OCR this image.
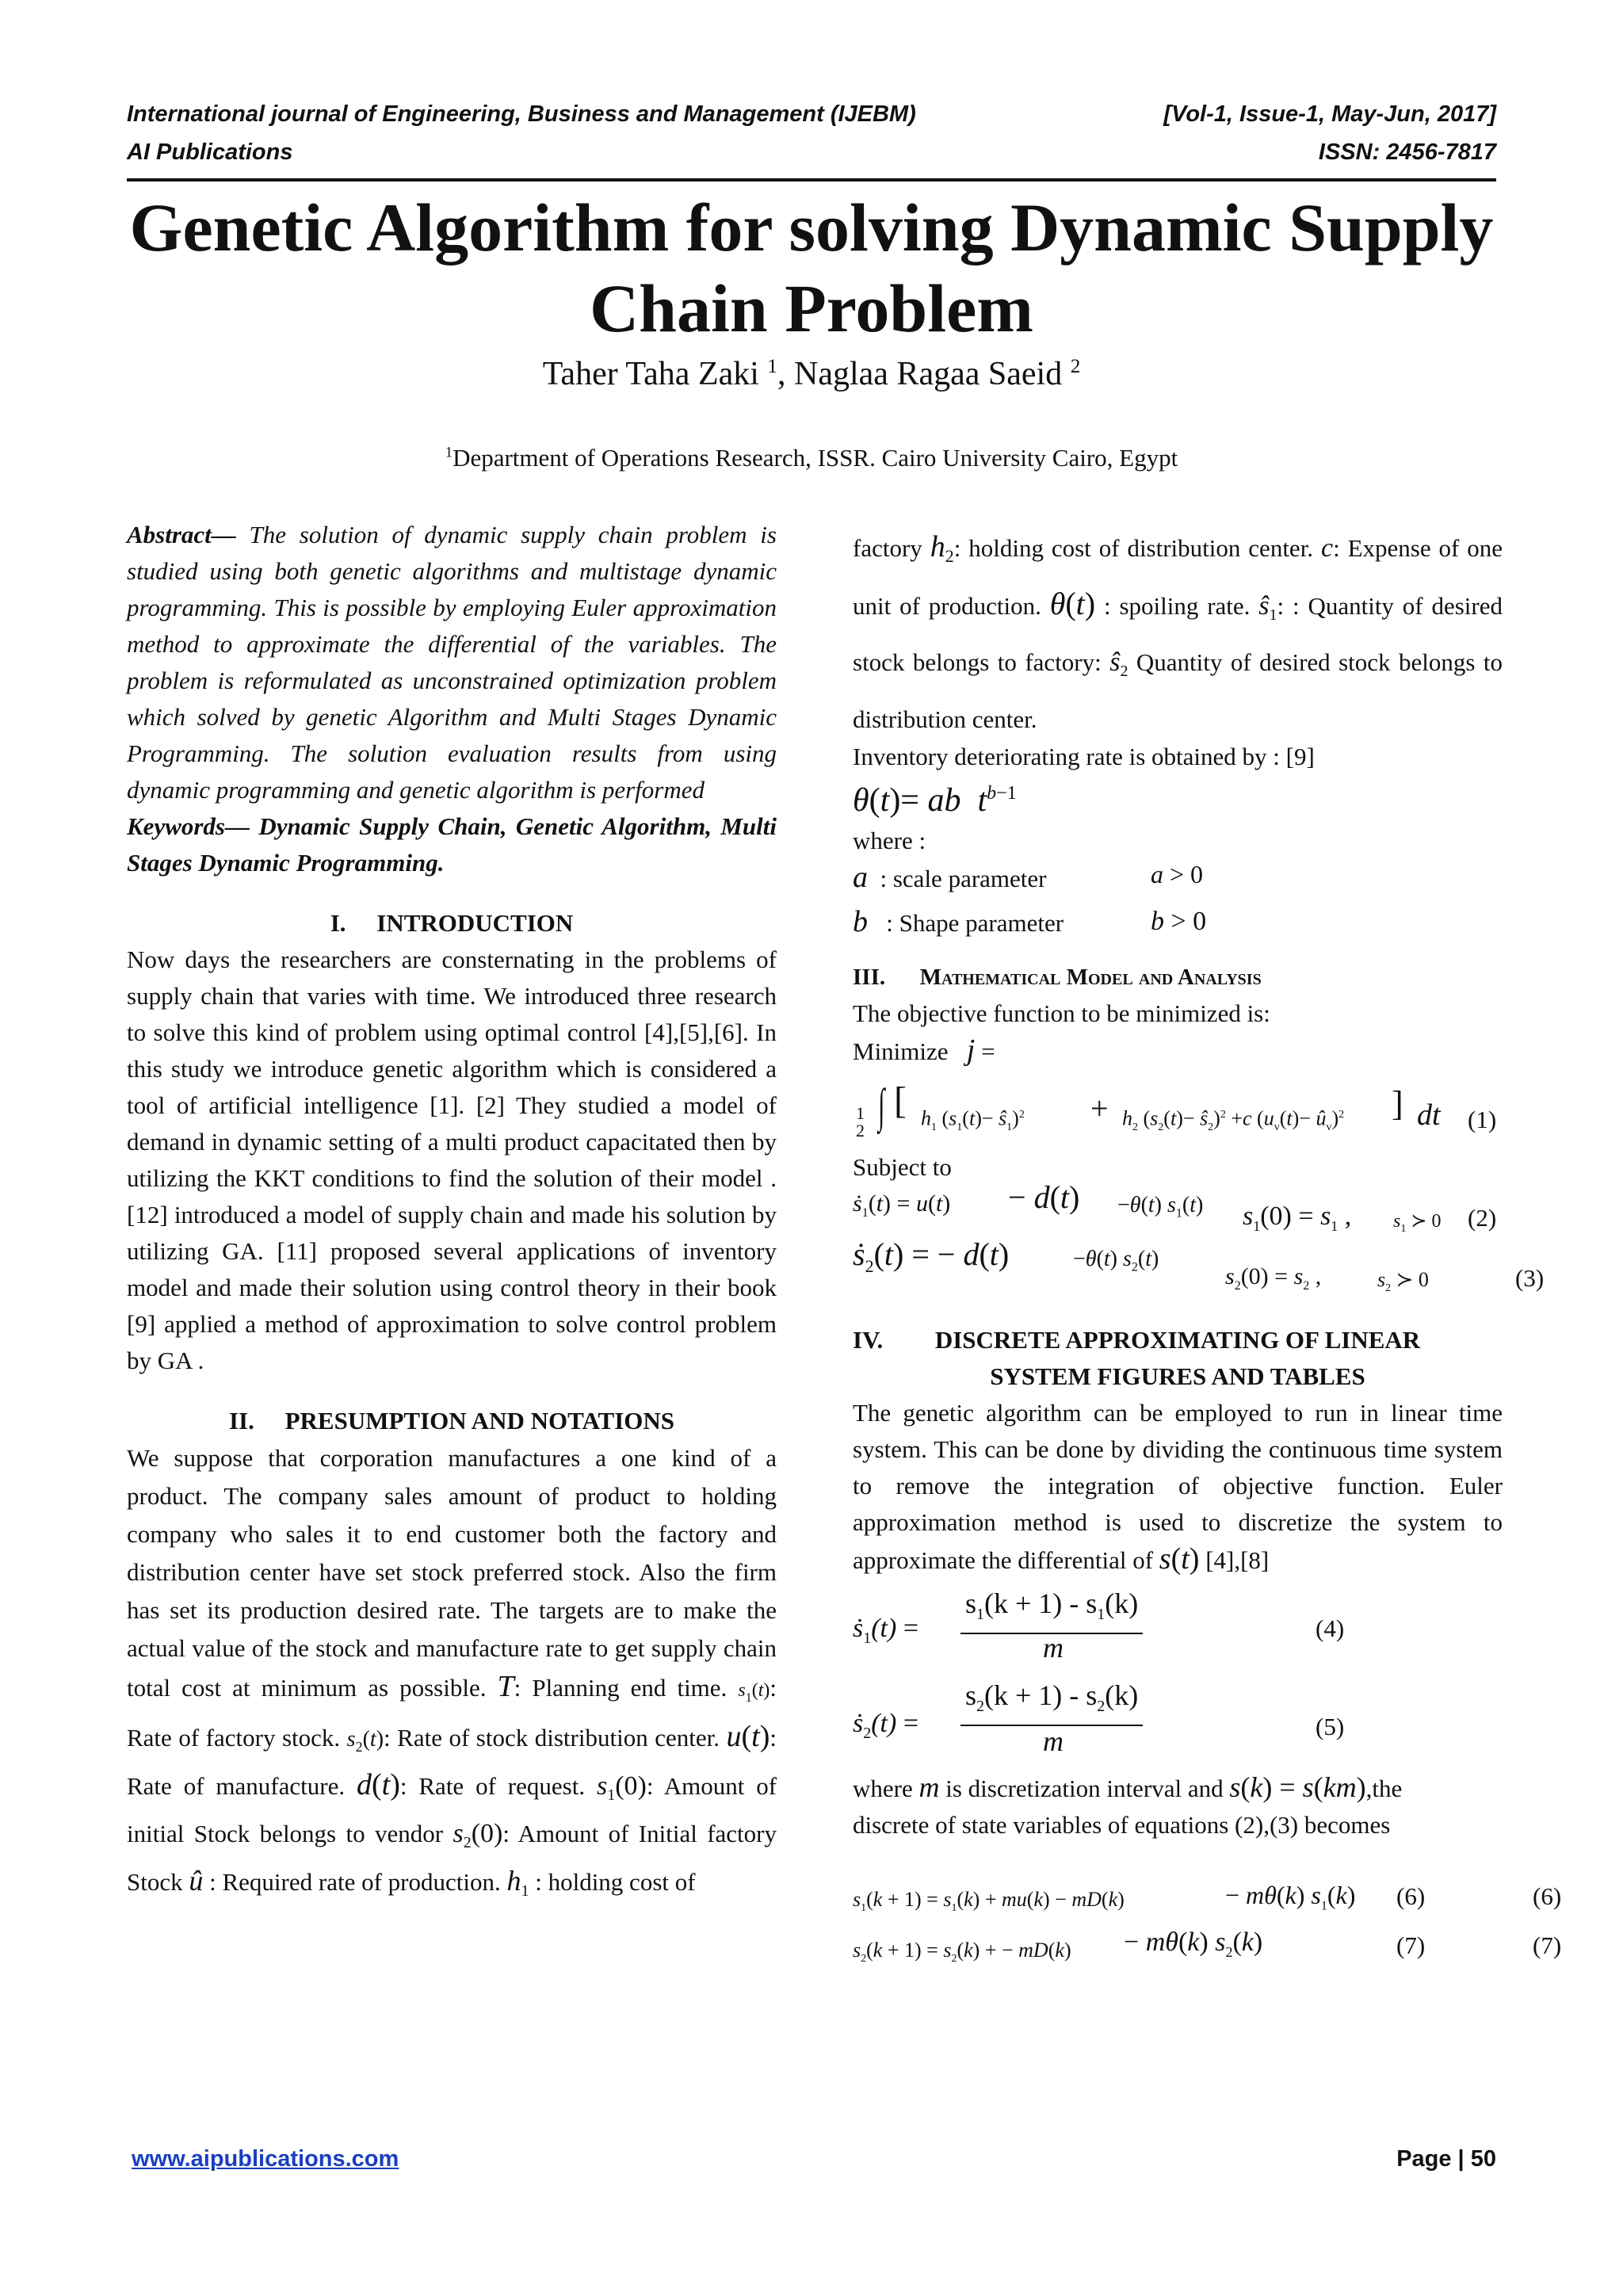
International journal of Engineering, Business and Management (IJEBM)	[Vol-1, Issue-1, May-Jun, 2017]
AI Publications	ISSN: 2456-7817
Genetic Algorithm for solving Dynamic Supply
Chain Problem
Taher Taha Zaki $^1$, Naglaa Ragaa Saeid $^2$
$^1$Department of Operations Research, ISSR. Cairo University Cairo, Egypt

Abstract— The solution of dynamic supply chain problem is studied using both genetic algorithms and multistage dynamic programming. This is possible by employing Euler approximation method to approximate the differential of the variables. The problem is reformulated as unconstrained optimization problem which solved by genetic Algorithm and Multi Stages Dynamic Programming. The solution evaluation results from using dynamic programming and genetic algorithm is performed

Keywords— Dynamic Supply Chain, Genetic Algorithm, Multi Stages Dynamic Programming.

I.     INTRODUCTION

Now days the researchers are consternating in the problems of supply chain that varies with time. We introduced three research to solve this kind of problem using optimal control [4],[5],[6]. In this study we introduce genetic algorithm which is considered a tool of artificial intelligence [1]. [2] They studied a model of demand in dynamic setting of a multi product capacitated then by utilizing the KKT conditions to find the solution of their model .[12] introduced a model of supply chain and made his solution by utilizing GA. [11] proposed several applications of inventory model and made their solution using control theory in their book [9] applied a method of approximation to solve control problem by GA .

II.     PRESUMPTION AND NOTATIONS

We suppose that corporation manufactures a one kind of a product. The company sales amount of product to holding company who sales it to end customer both the factory and distribution center have set stock preferred stock. Also the firm has set its production desired rate. The targets are to make the actual value of the stock and manufacture rate to get supply chain total cost at minimum as possible. T: Planning end time. $s_1(t)$: Rate of factory stock. $s_2(t)$: Rate of stock distribution center. u(t): Rate of manufacture. d(t): Rate of request. $s_1(0)$: Amount of initial Stock belongs to vendor $s_2(0)$: Amount of Initial factory Stock û : Required rate of production. $h_1$ : holding cost of

factory $h_2$: holding cost of distribution center. c: Expense of one unit of production. θ(t) : spoiling rate. $ŝ_1$: : Quantity of desired stock belongs to factory: $ŝ_2$ Quantity of desired stock belongs to distribution center.

Inventory deteriorating rate is obtained by : [9]

θ(t)= ab $t^{b-1}$

where :

a : scale parameter	a > 0
b : Shape parameter	b > 0

III. Mathematical Model and Analysis

The objective function to be minimized is:

Minimize j =

1
2 ∫ [ $h_1$ ($s_1(t)-$ $ŝ_1)^2 + h_2$ ($s_2(t)-$ $ŝ_2)^2 +c$ ($u_v(t)-$ $û_v)^2$ ] dt (1)

Subject to

ṡ$_1$(t) = u(t) − d(t) −θ(t) $s_1(t) s_1(0) = s_1$ , $s_1$ ≻ 0 (2)
ṡ$_2$(t) = − d(t)	−θ(t) $s_2(t)$
$s_2(0) = s_2$ ,	$s_2$ ≻ 0	(3)

IV. DISCRETE APPROXIMATING OF LINEAR
SYSTEM FIGURES AND TABLES

The genetic algorithm can be employed to run in linear time system. This can be done by dividing the continuous time system to remove the integration of objective function. Euler approximation method is used to discretize the system to approximate the differential of s(t) [4],[8]

ṡ$_1$(t) =
$s_1(k + 1) - s_1(k)$
m
(4)
ṡ$_2$(t) =
$s_2(k + 1) - s_2(k)$
m	(5)

where m is discretization interval and s(k) = s(km),the

discrete of state variables of equations (2),(3) becomes

$s_1(k + 1) = s_1(k) + mu(k) - mD(k)$	− mθ(k) $s_1(k)$ (6)	(6)
$s_2(k + 1) = s_2(k)$ + − mD(k) − mθ(k) $s_2(k)$	(7)	(7)
www.aipublications.com	Page | 50
